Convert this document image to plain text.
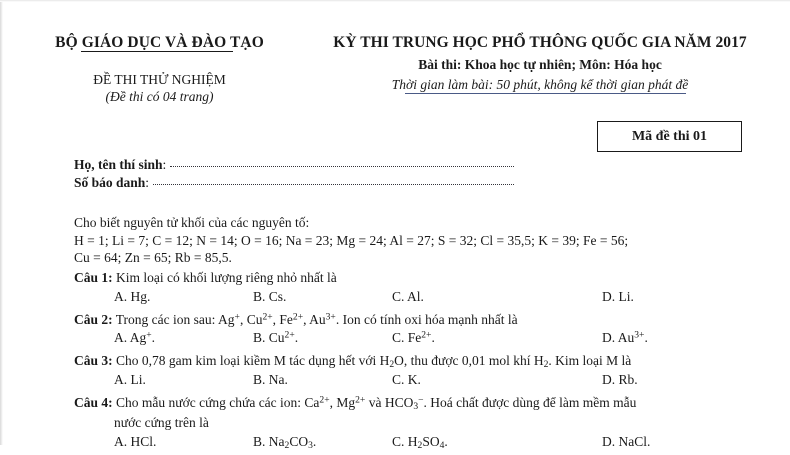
BỘ GIÁO DỤC VÀ ĐÀO TẠO
ĐỀ THI THỬ NGHIỆM
(Đề thi có 04 trang)
KỲ THI TRUNG HỌC PHỔ THÔNG QUỐC GIA NĂM 2017
Bài thi: Khoa học tự nhiên; Môn: Hóa học
Thời gian làm bài: 50 phút, không kể thời gian phát đề
Mã đề thi 01
Họ, tên thí sinh :
Số báo danh :
Cho biết nguyên tử khối của các nguyên tố:
H = 1; Li = 7; C = 12; N = 14; O = 16; Na = 23; Mg = 24; Al = 27; S = 32; Cl = 35,5; K = 39; Fe = 56;
Cu = 64; Zn = 65; Rb = 85,5.
Câu 1: Kim loại có khối lượng riêng nhỏ nhất là
A. Hg.	B. Cs.	C. Al.	D. Li.
Câu 2: Trong các ion sau: Ag+, $Cu^{2+}$, $Fe^{2+}$, $Au^{3+}$. Ion có tính oxi hóa mạnh nhất là
A. Ag+.	B. $Cu^{2+}$.	C. $Fe^{2+}$.	D. $Au^{3+}$.
Câu 3: Cho 0,78 gam kim loại kiềm M tác dụng hết với $H_2O$, thu được 0,01 mol khí $H_2$. Kim loại M là
A. Li.	B. Na.	C. K.	D. Rb.
Câu 4: Cho mẫu nước cứng chứa các ion: $Ca^{2+}$, $Mg^{2+}$ và $HCO_3^-$. Hoá chất được dùng để làm mềm mẫu
nước cứng trên là
A. HCl.	B. $Na_2CO_3$.	C. $H_2SO_4$.	D. NaCl.
